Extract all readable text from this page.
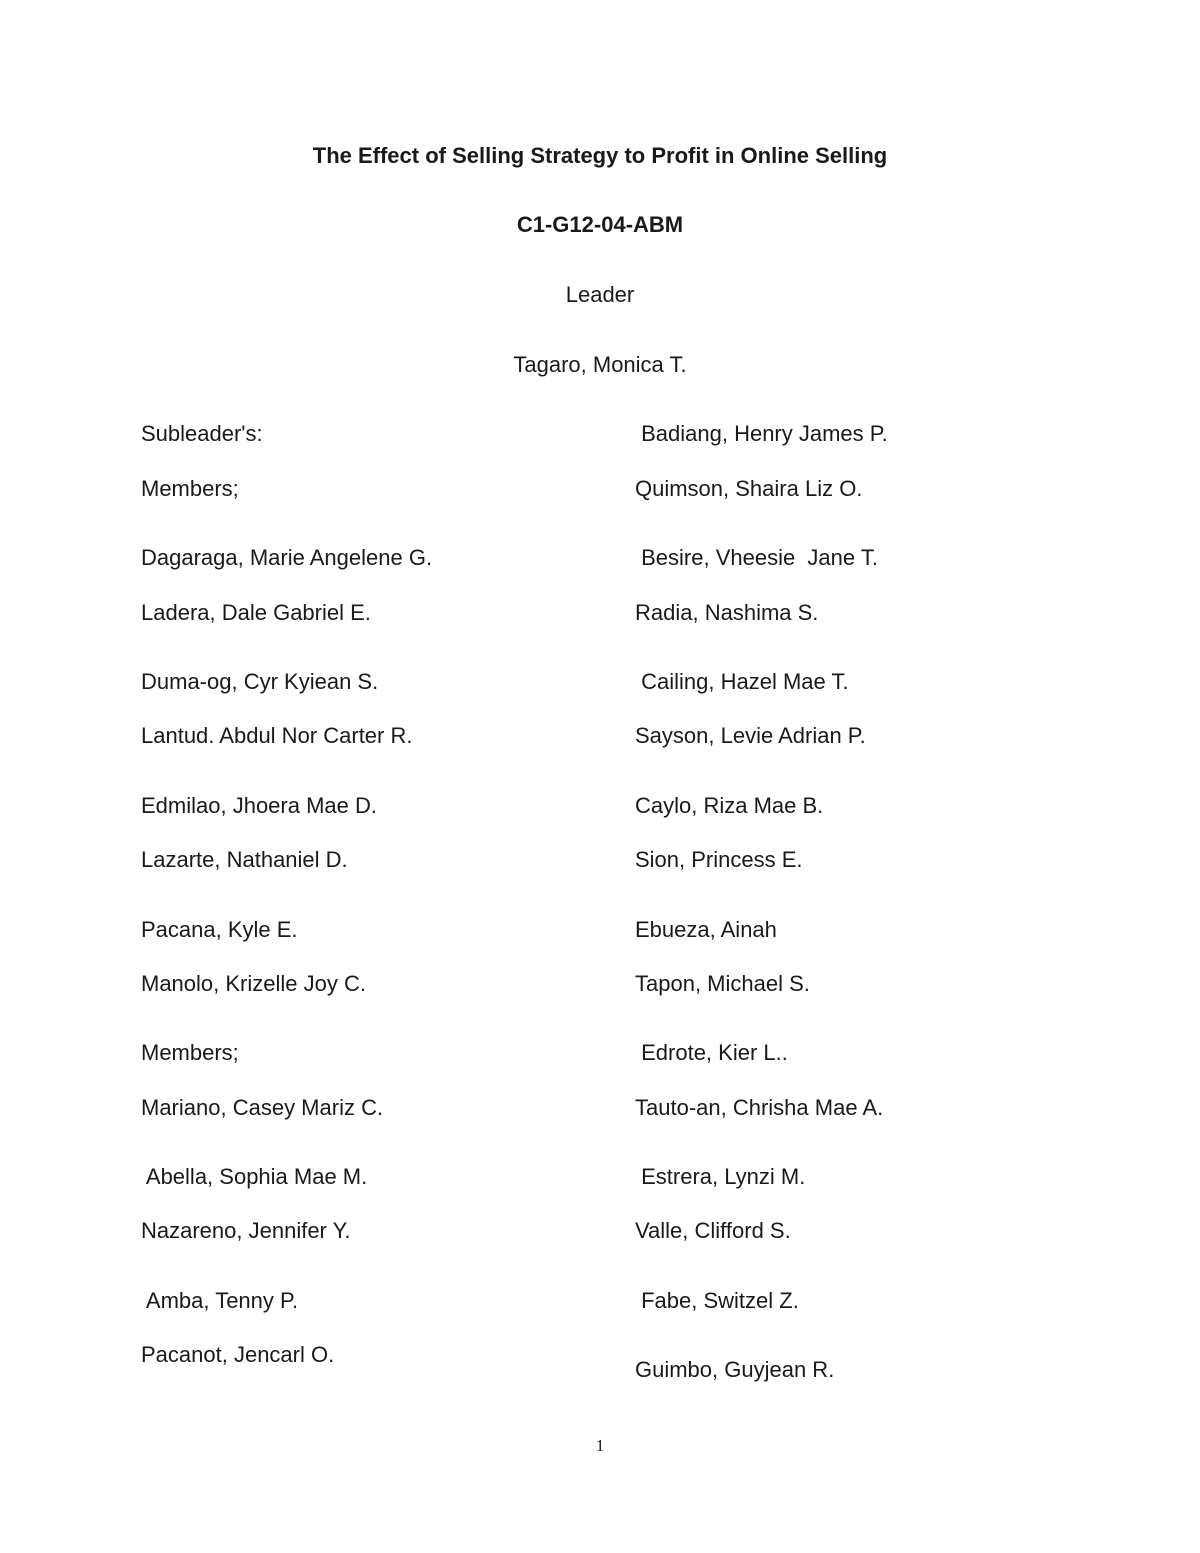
The Effect of Selling Strategy to Profit in Online Selling
C1-G12-04-ABM
Leader
Tagaro, Monica T.
Subleader's:
Members;
Dagaraga, Marie Angelene G.
Ladera, Dale Gabriel E.
Duma-og, Cyr Kyiean S.
Lantud. Abdul Nor Carter R.
Edmilao, Jhoera Mae D.
Lazarte, Nathaniel D.
Pacana, Kyle E.
Manolo, Krizelle Joy C.
Members;
Mariano, Casey Mariz C.
Abella, Sophia Mae M.
Nazareno, Jennifer Y.
Amba, Tenny P.
Pacanot, Jencarl O.
Badiang, Henry James P.
Quimson, Shaira Liz O.
Besire, Vheesie  Jane T.
Radia, Nashima S.
Cailing, Hazel Mae T.
Sayson, Levie Adrian P.
Caylo, Riza Mae B.
Sion, Princess E.
Ebueza, Ainah
Tapon, Michael S.
Edrote, Kier L..
Tauto-an, Chrisha Mae A.
Estrera, Lynzi M.
Valle, Clifford S.
Fabe, Switzel Z.
Guimbo, Guyjean R.
1
